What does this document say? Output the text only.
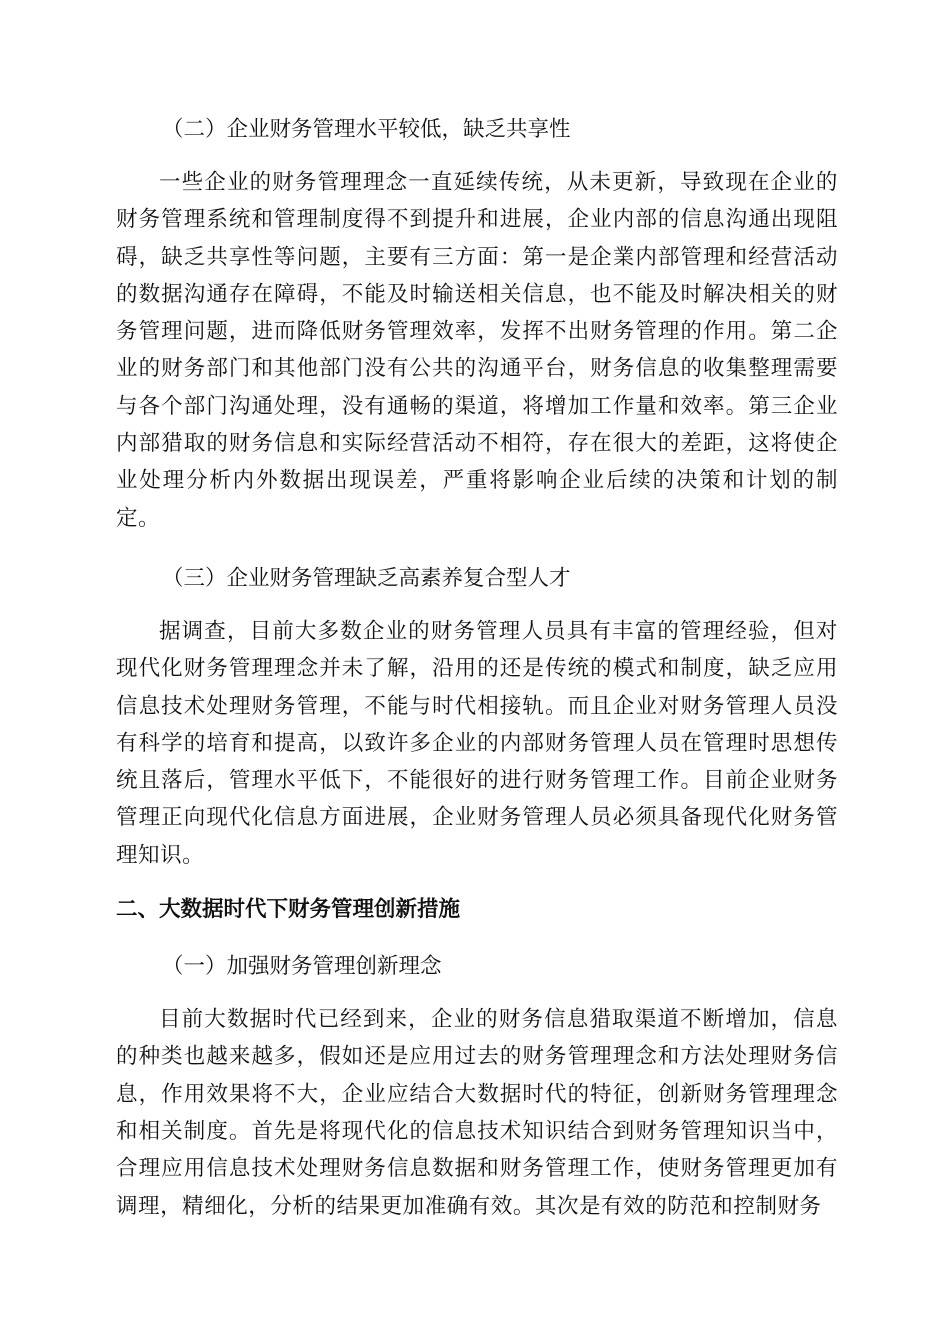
（二）企业财务管理水平较低，缺乏共享性

一些企业的财务管理理念一直延续传统，从未更新，导致现在企业的财务管理系统和管理制度得不到提升和进展，企业内部的信息沟通出现阻碍，缺乏共享性等问题，主要有三方面：第一是企業内部管理和经营活动的数据沟通存在障碍，不能及时输送相关信息，也不能及时解决相关的财务管理问题，进而降低财务管理效率，发挥不出财务管理的作用。第二企业的财务部门和其他部门没有公共的沟通平台，财务信息的收集整理需要与各个部门沟通处理，没有通畅的渠道，将增加工作量和效率。第三企业内部猎取的财务信息和实际经营活动不相符，存在很大的差距，这将使企业处理分析内外数据出现误差，严重将影响企业后续的决策和计划的制定。

（三）企业财务管理缺乏高素养复合型人才

据调查，目前大多数企业的财务管理人员具有丰富的管理经验，但对现代化财务管理理念并未了解，沿用的还是传统的模式和制度，缺乏应用信息技术处理财务管理，不能与时代相接轨。而且企业对财务管理人员没有科学的培育和提高，以致许多企业的内部财务管理人员在管理时思想传统且落后，管理水平低下，不能很好的进行财务管理工作。目前企业财务管理正向现代化信息方面进展，企业财务管理人员必须具备现代化财务管理知识。

二、大数据时代下财务管理创新措施

（一）加强财务管理创新理念

目前大数据时代已经到来，企业的财务信息猎取渠道不断增加，信息的种类也越来越多，假如还是应用过去的财务管理理念和方法处理财务信息，作用效果将不大，企业应结合大数据时代的特征，创新财务管理理念和相关制度。首先是将现代化的信息技术知识结合到财务管理知识当中，合理应用信息技术处理财务信息数据和财务管理工作，使财务管理更加有调理，精细化，分析的结果更加准确有效。其次是有效的防范和控制财务
